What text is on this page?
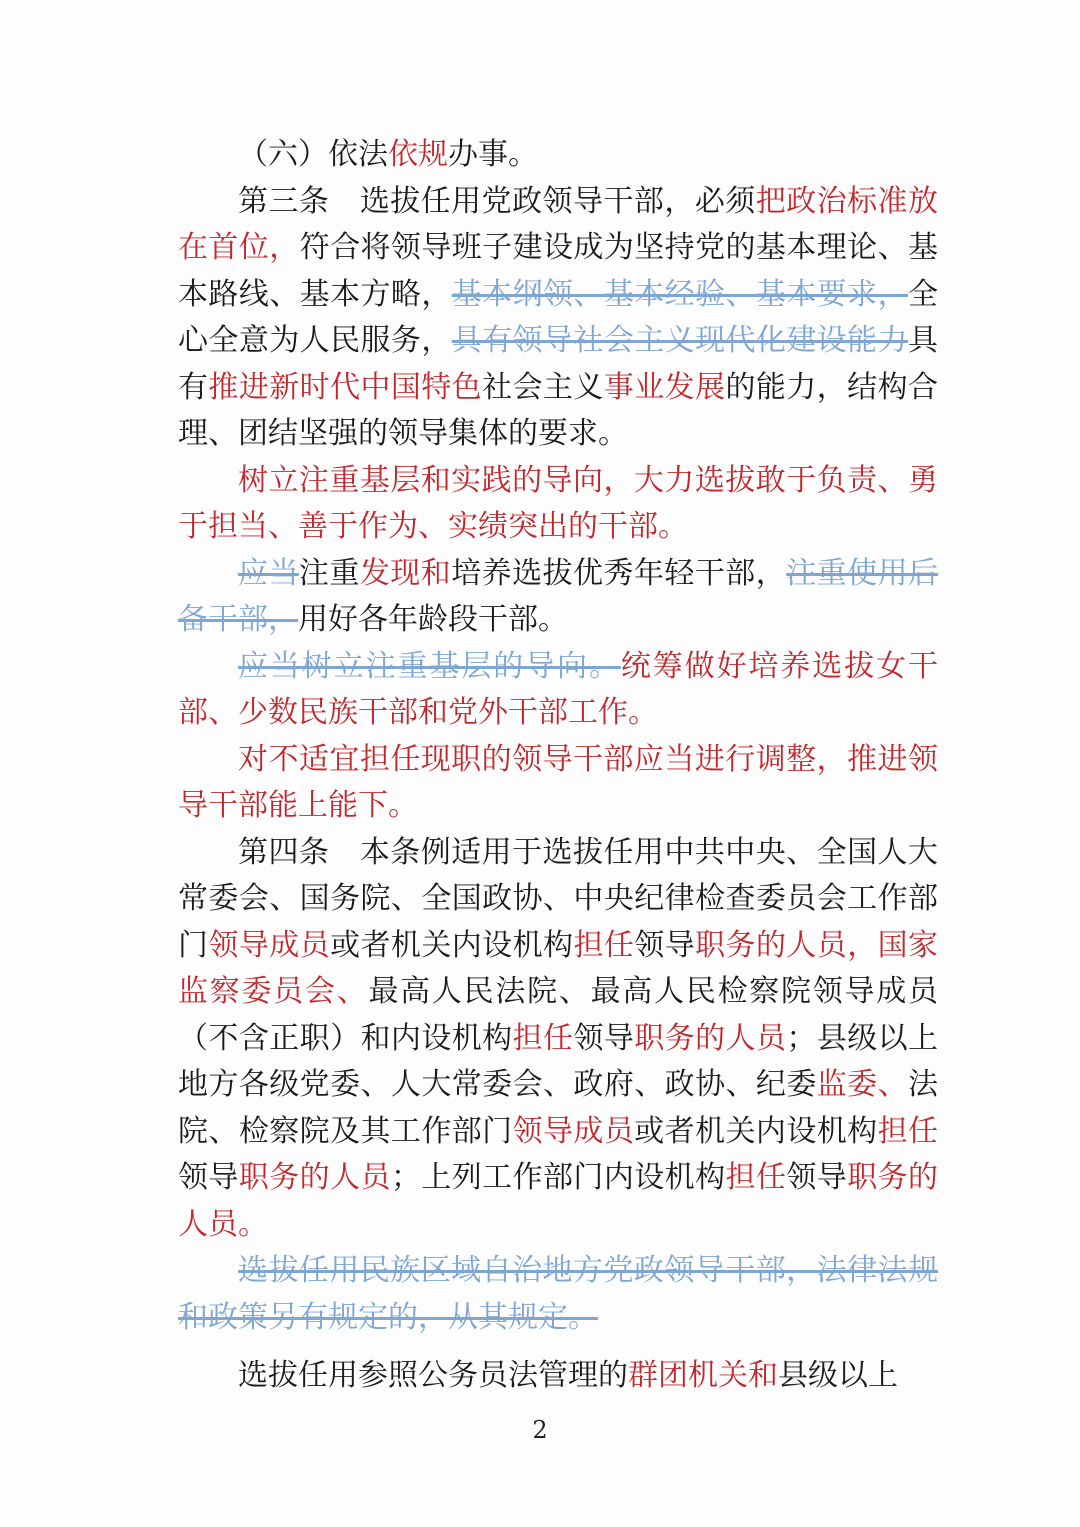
（六）依法依规办事。

第三条　选拔任用党政领导干部，必须把政治标准放在首位，符合将领导班子建设成为坚持党的基本理论、基本路线、基本方略，基本纲领、基本经验、基本要求，全心全意为人民服务，具有领导社会主义现代化建设能力具有推进新时代中国特色社会主义事业发展的能力，结构合理、团结坚强的领导集体的要求。

树立注重基层和实践的导向，大力选拔敢于负责、勇于担当、善于作为、实绩突出的干部。

应当注重发现和培养选拔优秀年轻干部，注重使用后备干部，用好各年龄段干部。

应当树立注重基层的导向。统筹做好培养选拔女干部、少数民族干部和党外干部工作。

对不适宜担任现职的领导干部应当进行调整，推进领导干部能上能下。

第四条　本条例适用于选拔任用中共中央、全国人大常委会、国务院、全国政协、中央纪律检查委员会工作部门领导成员或者机关内设机构担任领导职务的人员，国家监察委员会、最高人民法院、最高人民检察院领导成员（不含正职）和内设机构担任领导职务的人员；县级以上地方各级党委、人大常委会、政府、政协、纪委监委、法院、检察院及其工作部门领导成员或者机关内设机构担任领导职务的人员；上列工作部门内设机构担任领导职务的人员。

选拔任用民族区域自治地方党政领导干部，法律法规和政策另有规定的，从其规定。

选拔任用参照公务员法管理的群团机关和县级以上

2
